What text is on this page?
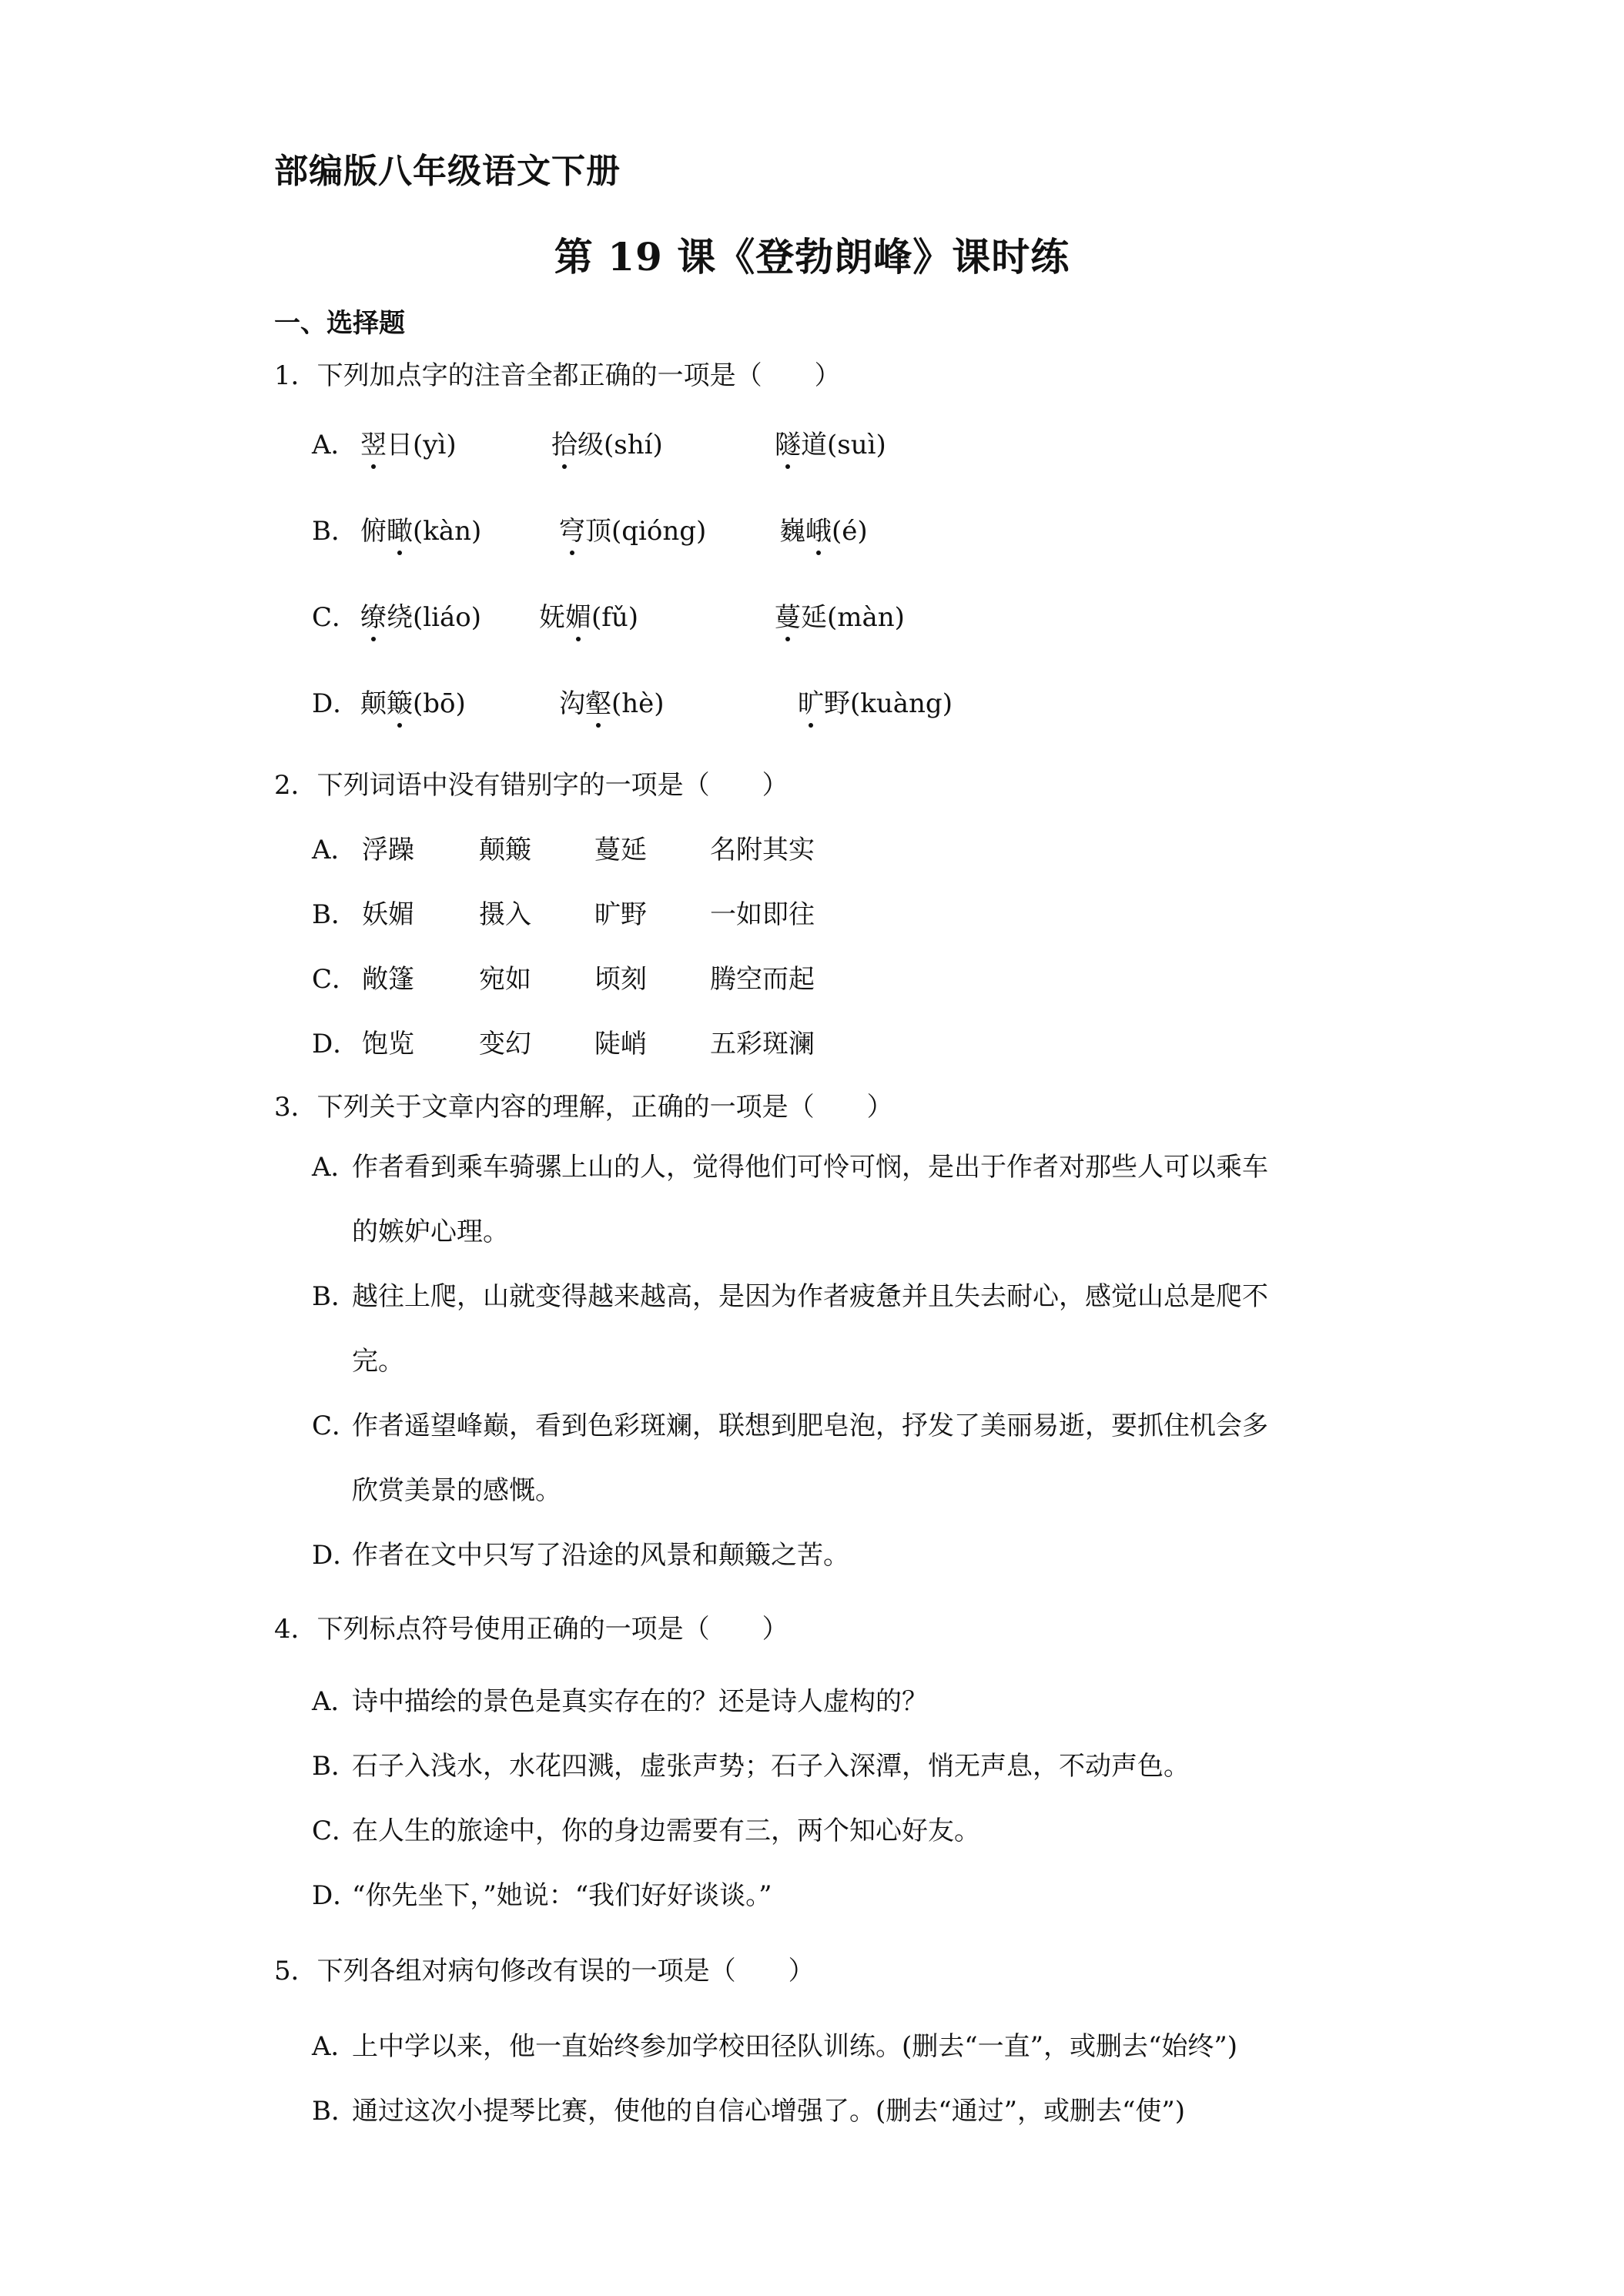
部编版八年级语文下册
第 19 课《登勃朗峰》课时练
一、选择题
1．下列加点字的注音全都正确的一项是（　　）
A． 翌日(yì)	拾级(shí)	隧道(suì)
B． 俯瞰(kàn)	穹顶(qióng)	巍峨(é)
C． 缭绕(liáo) 妩媚(fǔ)	蔓延(màn)
D． 颠簸(bō)	沟壑(hè)	旷野(kuàng)
2．下列词语中没有错别字的一项是（　　）
A． 浮躁 颠簸 蔓延 名附其实
B． 妖媚 摄入 旷野 一如即往
C． 敞篷 宛如 顷刻 腾空而起
D． 饱览 变幻 陡峭 五彩斑澜
3．下列关于文章内容的理解，正确的一项是（　　）
A．作者看到乘车骑骡上山的人，觉得他们可怜可悯，是出于作者对那些人可以乘车
的嫉妒心理。
B．越往上爬，山就变得越来越高，是因为作者疲惫并且失去耐心，感觉山总是爬不
完。
C．作者遥望峰巅，看到色彩斑斓，联想到肥皂泡，抒发了美丽易逝，要抓住机会多
欣赏美景的感慨。
D．作者在文中只写了沿途的风景和颠簸之苦。
4．下列标点符号使用正确的一项是（　　）
A．诗中描绘的景色是真实存在的？还是诗人虚构的？
B．石子入浅水，水花四溅，虚张声势；石子入深潭，悄无声息，不动声色。
C．在人生的旅途中，你的身边需要有三，两个知心好友。
D．“你先坐下，”她说：“我们好好谈谈。”
5．下列各组对病句修改有误的一项是（　　）
A．上中学以来，他一直始终参加学校田径队训练。(删去“一直”，或删去“始终”)
B．通过这次小提琴比赛，使他的自信心增强了。(删去“通过”，或删去“使”)
